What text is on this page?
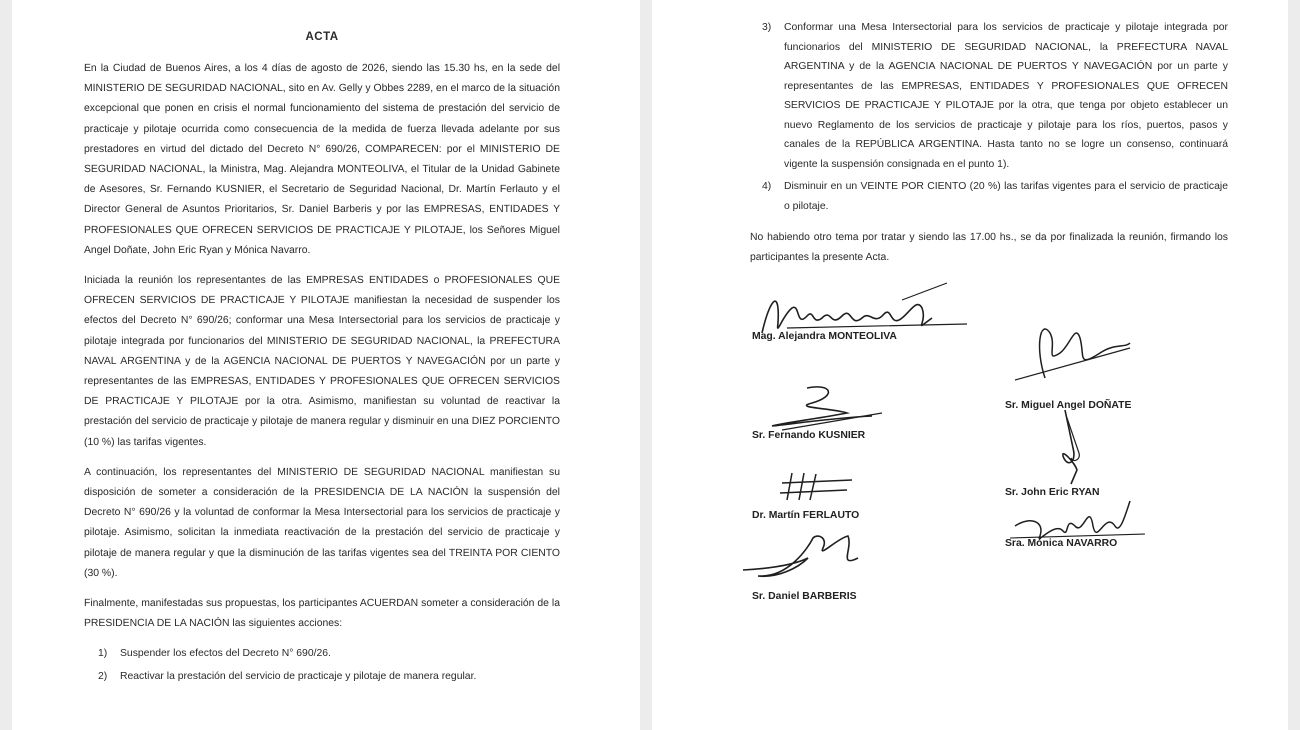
ACTA

En la Ciudad de Buenos Aires, a los 4 días de agosto de 2026, siendo las 15.30 hs, en la sede del MINISTERIO DE SEGURIDAD NACIONAL, sito en Av. Gelly y Obbes 2289, en el marco de la situación excepcional que ponen en crisis el normal funcionamiento del sistema de prestación del servicio de practicaje y pilotaje ocurrida como consecuencia de la medida de fuerza llevada adelante por sus prestadores en virtud del dictado del Decreto N° 690/26, COMPARECEN: por el MINISTERIO DE SEGURIDAD NACIONAL, la Ministra, Mag. Alejandra MONTEOLIVA, el Titular de la Unidad Gabinete de Asesores, Sr. Fernando KUSNIER, el Secretario de Seguridad Nacional, Dr. Martín Ferlauto y el Director General de Asuntos Prioritarios, Sr. Daniel Barberis y por las EMPRESAS, ENTIDADES Y PROFESIONALES QUE OFRECEN SERVICIOS DE PRACTICAJE Y PILOTAJE, los Señores Miguel Angel Doñate, John Eric Ryan y Mónica Navarro.

Iniciada la reunión los representantes de las EMPRESAS ENTIDADES o PROFESIONALES QUE OFRECEN SERVICIOS DE PRACTICAJE Y PILOTAJE manifiestan la necesidad de suspender los efectos del Decreto N° 690/26; conformar una Mesa Intersectorial para los servicios de practicaje y pilotaje integrada por funcionarios del MINISTERIO DE SEGURIDAD NACIONAL, la PREFECTURA NAVAL ARGENTINA y de la AGENCIA NACIONAL DE PUERTOS Y NAVEGACIÓN por un parte y representantes de las EMPRESAS, ENTIDADES Y PROFESIONALES QUE OFRECEN SERVICIOS DE PRACTICAJE Y PILOTAJE por la otra. Asimismo, manifiestan su voluntad de reactivar la prestación del servicio de practicaje y pilotaje de manera regular y disminuir en una DIEZ PORCIENTO (10 %) las tarifas vigentes.

A continuación, los representantes del MINISTERIO DE SEGURIDAD NACIONAL manifiestan su disposición de someter a consideración de la PRESIDENCIA DE LA NACIÓN la suspensión del Decreto N° 690/26 y la voluntad de conformar la Mesa Intersectorial para los servicios de practicaje y pilotaje. Asimismo, solicitan la inmediata reactivación de la prestación del servicio de practicaje y pilotaje de manera regular y que la disminución de las tarifas vigentes sea del TREINTA POR CIENTO (30 %).

Finalmente, manifestadas sus propuestas, los participantes ACUERDAN someter a consideración de la PRESIDENCIA DE LA NACIÓN las siguientes acciones:

1) Suspender los efectos del Decreto N° 690/26.
2) Reactivar la prestación del servicio de practicaje y pilotaje de manera regular.
3) Conformar una Mesa Intersectorial para los servicios de practicaje y pilotaje integrada por funcionarios del MINISTERIO DE SEGURIDAD NACIONAL, la PREFECTURA NAVAL ARGENTINA y de la AGENCIA NACIONAL DE PUERTOS Y NAVEGACIÓN por un parte y representantes de las EMPRESAS, ENTIDADES Y PROFESIONALES QUE OFRECEN SERVICIOS DE PRACTICAJE Y PILOTAJE por la otra, que tenga por objeto establecer un nuevo Reglamento de los servicios de practicaje y pilotaje para los ríos, puertos, pasos y canales de la REPÚBLICA ARGENTINA. Hasta tanto no se logre un consenso, continuará vigente la suspensión consignada en el punto 1).
4) Disminuir en un VEINTE POR CIENTO (20 %) las tarifas vigentes para el servicio de practicaje o pilotaje.

No habiendo otro tema por tratar y siendo las 17.00 hs., se da por finalizada la reunión, firmando los participantes la presente Acta.

Mag. Alejandra MONTEOLIVA
Sr. Miguel Angel DOÑATE
Sr. Fernando KUSNIER
Sr. John Eric RYAN
Dr. Martín FERLAUTO
Sra. Mónica NAVARRO
Sr. Daniel BARBERIS
